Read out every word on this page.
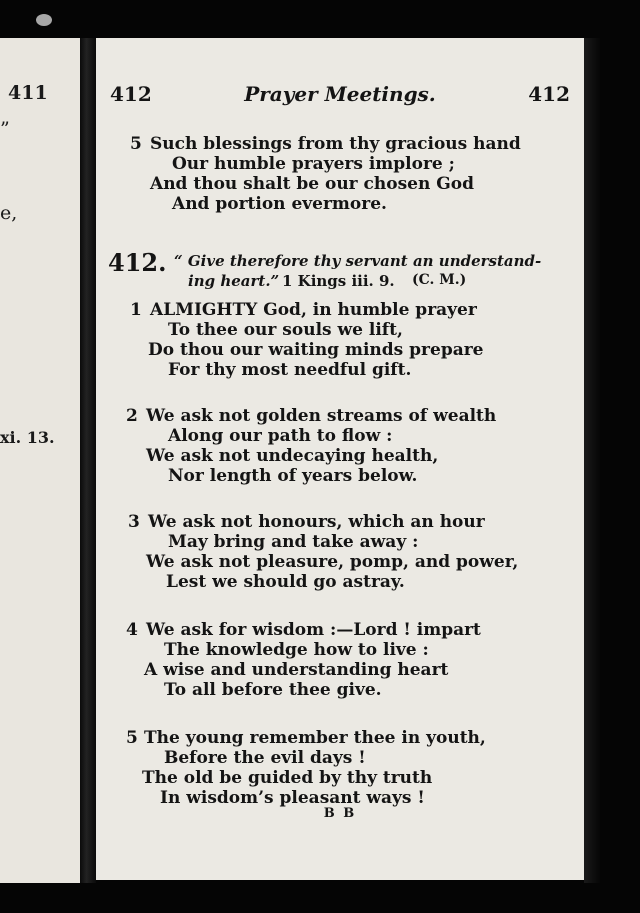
411
”
e,
xi. 13.
412	Prayer Meetings.	412
5 Such blessings from thy gracious hand
Our humble prayers implore ;
And thou shalt be our chosen God
And portion evermore.
412. “ Give therefore thy servant an understand-
ing heart.” 1 Kings iii. 9. (C. M.)
1 ALMIGHTY God, in humble prayer
To thee our souls we lift,
Do thou our waiting minds prepare
For thy most needful gift.
2 We ask not golden streams of wealth
Along our path to flow :
We ask not undecaying health,
Nor length of years below.
3 We ask not honours, which an hour
May bring and take away :
We ask not pleasure, pomp, and power,
Lest we should go astray.
4 We ask for wisdom :—Lord ! impart
The knowledge how to live :
A wise and understanding heart
To all before thee give.
5 The young remember thee in youth,
Before the evil days !
The old be guided by thy truth
In wisdom’s pleasant ways !
B B
